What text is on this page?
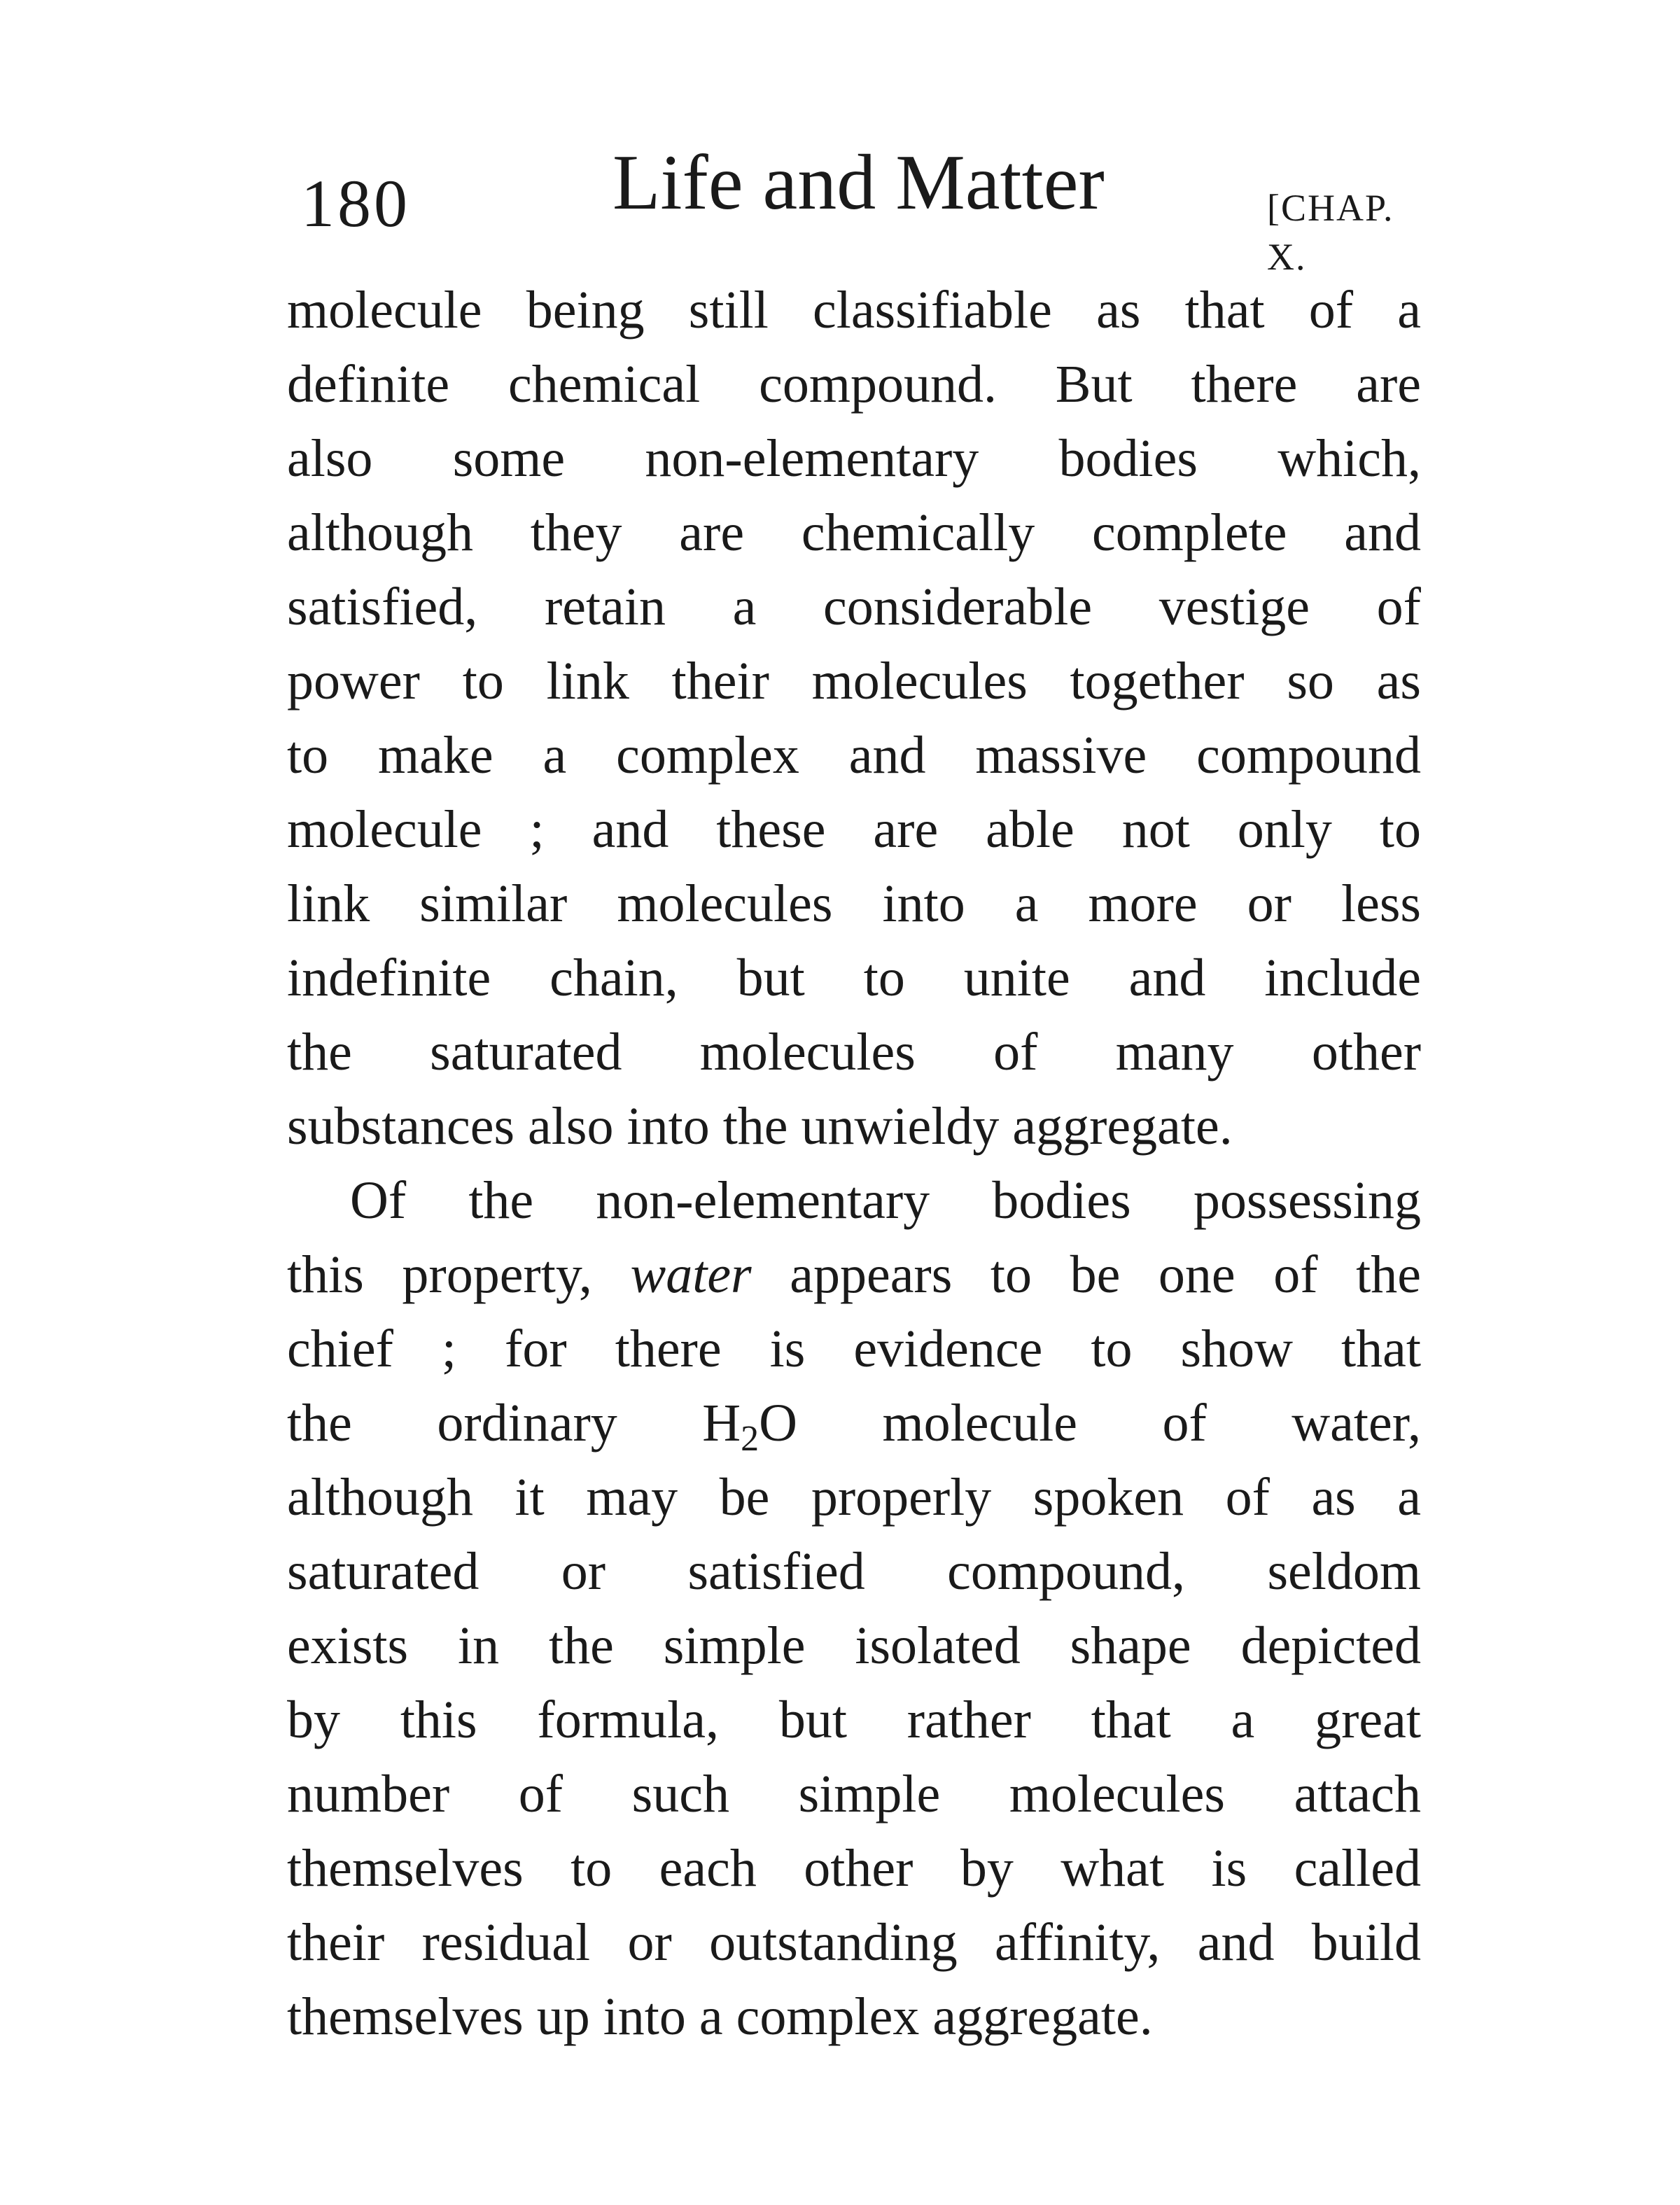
180	Life and Matter	[CHAP. X.
molecule being still classifiable as that of a
definite chemical compound. But there are
also some non-elementary bodies which,
although they are chemically complete and
satisfied, retain a considerable vestige of
power to link their molecules together so as
to make a complex and massive compound
molecule ; and these are able not only to
link similar molecules into a more or less
indefinite chain, but to unite and include
the saturated molecules of many other
substances also into the unwieldy aggregate.
Of the non-elementary bodies possessing
this property, water appears to be one of the
chief ; for there is evidence to show that
the ordinary $H_2O$ molecule of water,
although it may be properly spoken of as a
saturated or satisfied compound, seldom
exists in the simple isolated shape depicted
by this formula, but rather that a great
number of such simple molecules attach
themselves to each other by what is called
their residual or outstanding affinity, and build
themselves up into a complex aggregate.
